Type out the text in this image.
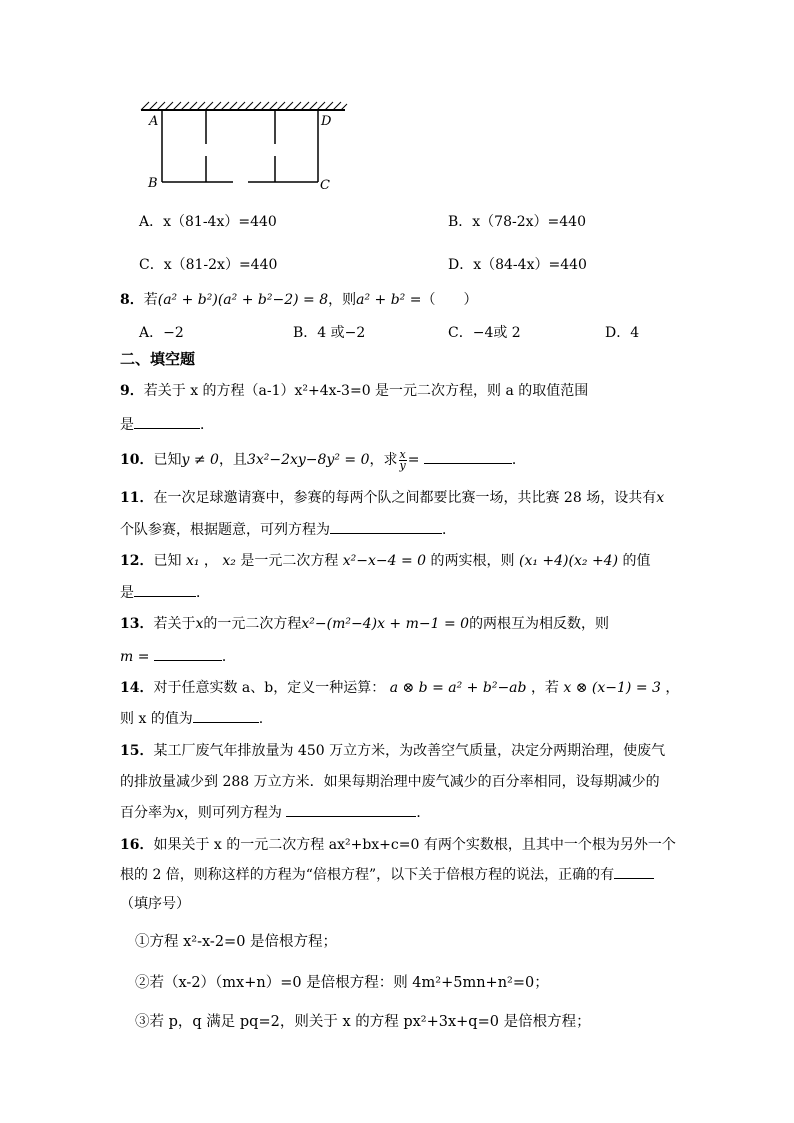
A	D
B	C
A．x（81-4x）=440	B．x（78-2x）=440
C．x（81-2x）=440	D．x（84-4x）=440
8．若(a² + b²)(a² + b²−2) = 8，则a² + b² =（　　）
A．−2	B．4 或−2	C．−4或 2	D．4
二、填空题
9．若关于 x 的方程（a-1）x²+4x-3=0 是一元二次方程，则 a 的取值范围
是	．
10．已知y ≠ 0，且3x²−2xy−8y² = 0，求 $\frac{x}{y}$ =	．
11．在一次足球邀请赛中，参赛的每两个队之间都要比赛一场，共比赛 28 场，设共有x
个队参赛，根据题意，可列方程为	．
12．已知 x₁ ， x₂ 是一元二次方程 x²−x−4 = 0 的两实根，则 (x₁ +4)(x₂ +4) 的值
是	．
13．若关于x的一元二次方程x²−(m²−4)x + m−1 = 0的两根互为相反数，则
m =	．
14．对于任意实数 a、b，定义一种运算： a ⊗ b = a² + b²−ab ，若 x ⊗ (x−1) = 3 ，
则 x 的值为	.
15．某工厂废气年排放量为 450 万立方米，为改善空气质量，决定分两期治理，使废气
的排放量减少到 288 万立方米．如果每期治理中废气减少的百分率相同，设每期减少的
百分率为x，则可列方程为	．
16．如果关于 x 的一元二次方程 ax²+bx+c=0 有两个实数根，且其中一个根为另外一个
根的 2 倍，则称这样的方程为“倍根方程”，以下关于倍根方程的说法，正确的有
（填序号）
①方程 x²-x-2=0 是倍根方程；
②若（x-2）（mx+n）=0 是倍根方程：则 4m²+5mn+n²=0；
③若 p，q 满足 pq=2，则关于 x 的方程 px²+3x+q=0 是倍根方程；
